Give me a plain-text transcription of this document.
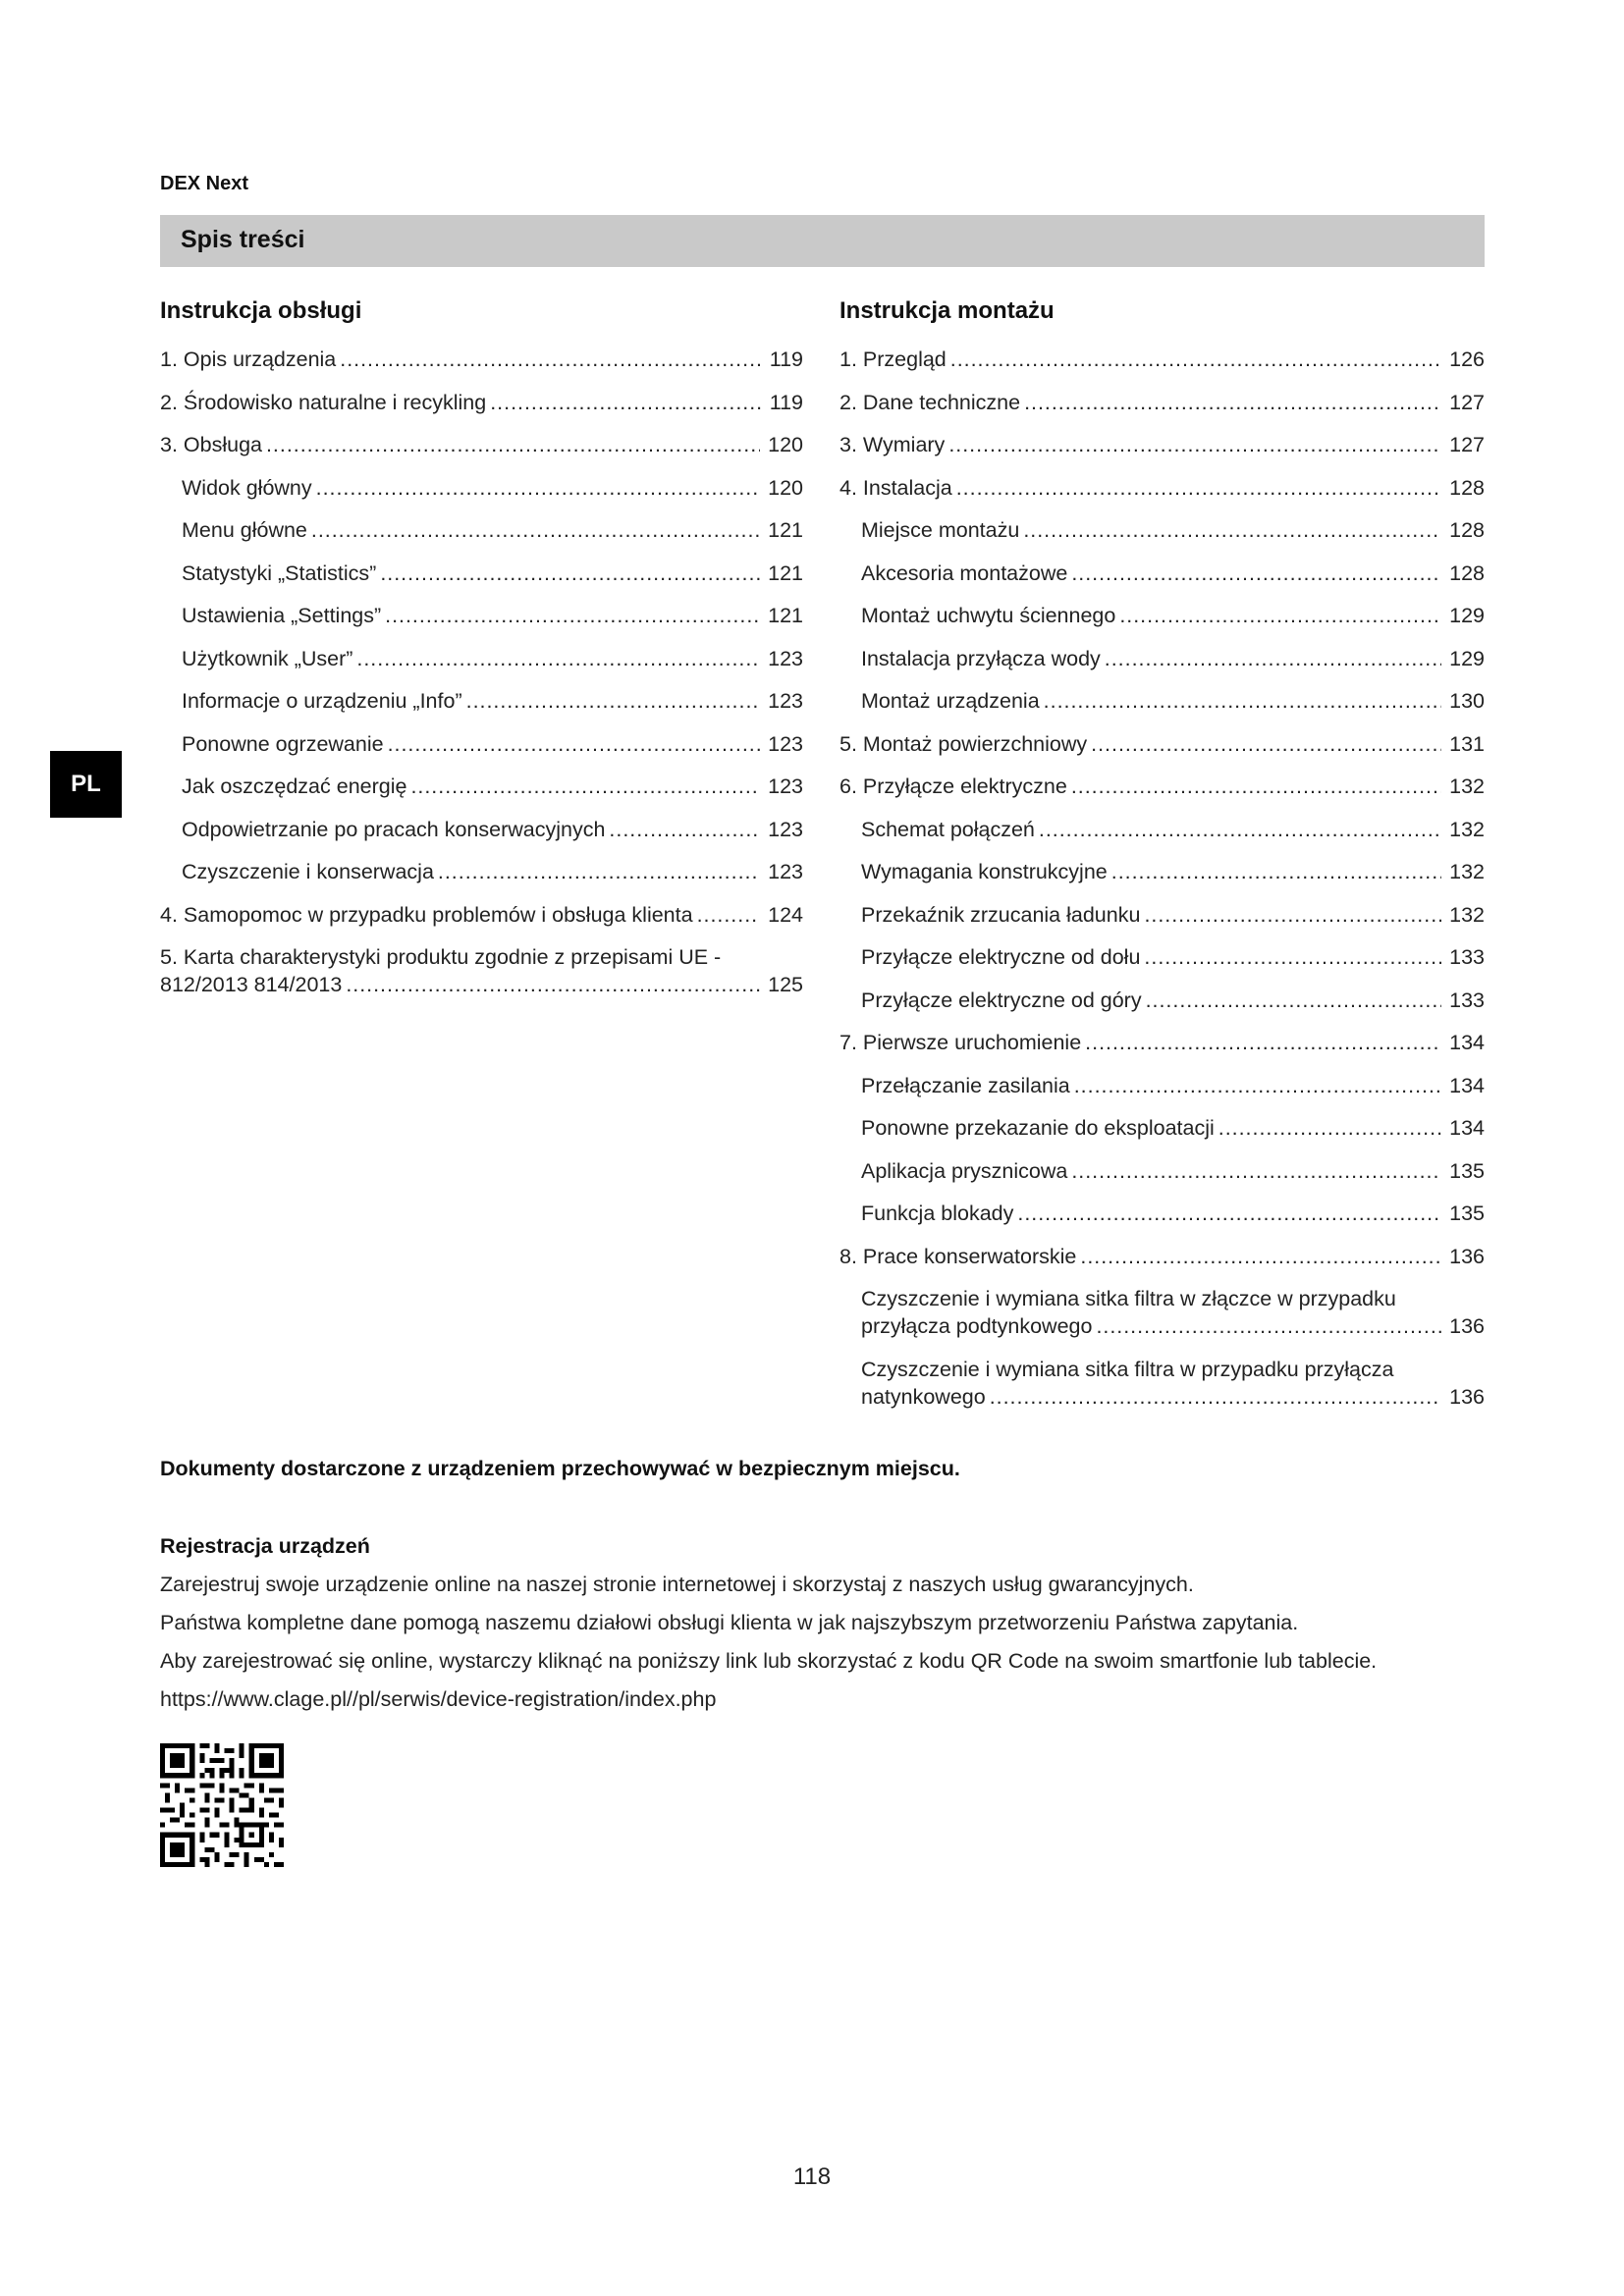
DEX Next
Spis treści
PL
Instrukcja obsługi
1. Opis urządzenia . . .	119
2. Środowisko naturalne i recykling . . .	119
3. Obsługa . . .	120
Widok główny . . .	120
Menu główne . . .	121
Statystyki „Statistics” . . .	121
Ustawienia „Settings” . . .	121
Użytkownik „User” . . .	123
Informacje o urządzeniu „Info” . . .	123
Ponowne ogrzewanie . . .	123
Jak oszczędzać energię . . .	123
Odpowietrzanie po pracach konserwacyjnych . . .	123
Czyszczenie i konserwacja . . .	123
4. Samopomoc w przypadku problemów i obsługa klienta . . .	124
5. Karta charakterystyki produktu zgodnie z przepisami UE -
812/2013 814/2013 . . .	125
Instrukcja montażu
1. Przegląd . . .	126
2. Dane techniczne . . .	127
3. Wymiary . . .	127
4. Instalacja . . .	128
Miejsce montażu . . .	128
Akcesoria montażowe . . .	128
Montaż uchwytu ściennego . . .	129
Instalacja przyłącza wody . . .	129
Montaż urządzenia . . .	130
5. Montaż powierzchniowy . . .	131
6. Przyłącze elektryczne . . .	132
Schemat połączeń . . .	132
Wymagania konstrukcyjne . . .	132
Przekaźnik zrzucania ładunku . . .	132
Przyłącze elektryczne od dołu . . .	133
Przyłącze elektryczne od góry . . .	133
7. Pierwsze uruchomienie . . .	134
Przełączanie zasilania . . .	134
Ponowne przekazanie do eksploatacji . . .	134
Aplikacja prysznicowa . . .	135
Funkcja blokady . . .	135
8. Prace konserwatorskie . . .	136
Czyszczenie i wymiana sitka filtra w złączce w przypadku
przyłącza podtynkowego . . .	136
Czyszczenie i wymiana sitka filtra w przypadku przyłącza
natynkowego . . .	136
Dokumenty dostarczone z urządzeniem przechowywać w bezpiecznym miejscu.
Rejestracja urządzeń
Zarejestruj swoje urządzenie online na naszej stronie internetowej i skorzystaj z naszych usług gwarancyjnych.
Państwa kompletne dane pomogą naszemu działowi obsługi klienta w jak najszybszym przetworzeniu Państwa zapytania.
Aby zarejestrować się online, wystarczy kliknąć na poniższy link lub skorzystać z kodu QR Code na swoim smartfonie lub tablecie.
https://www.clage.pl//pl/serwis/device-registration/index.php
118
